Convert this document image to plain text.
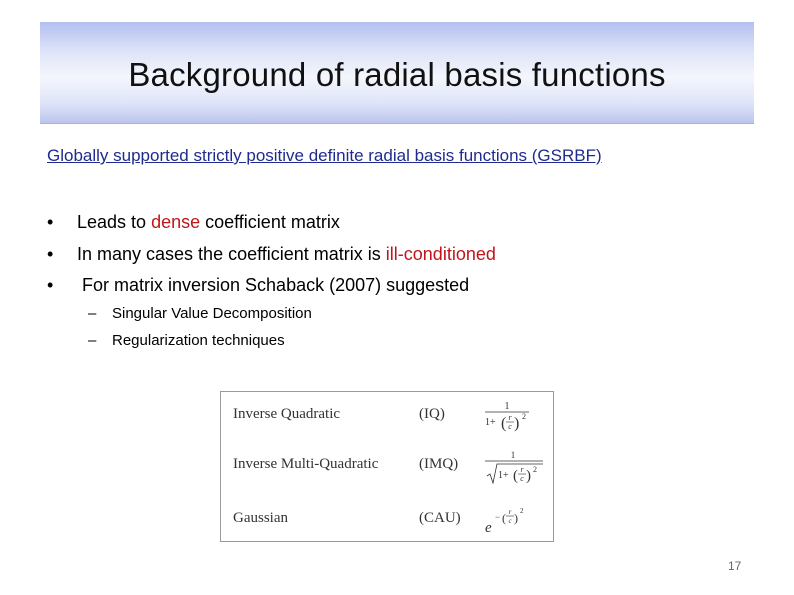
Background of radial basis functions
Globally supported strictly positive definite radial basis functions (GSRBF)
• Leads to dense coefficient matrix
• In many cases the coefficient matrix is ill-conditioned
• For matrix inversion Schaback (2007) suggested
– Singular Value Decomposition
– Regularization techniques
Inverse Quadratic	(IQ)	1
1+ ( r
c ) 2
Inverse Multi-Quadratic	(IMQ)
1
1+ ( r
c ) 2
Gaussian	(CAU)
e
− ( r
c ) 2
17
